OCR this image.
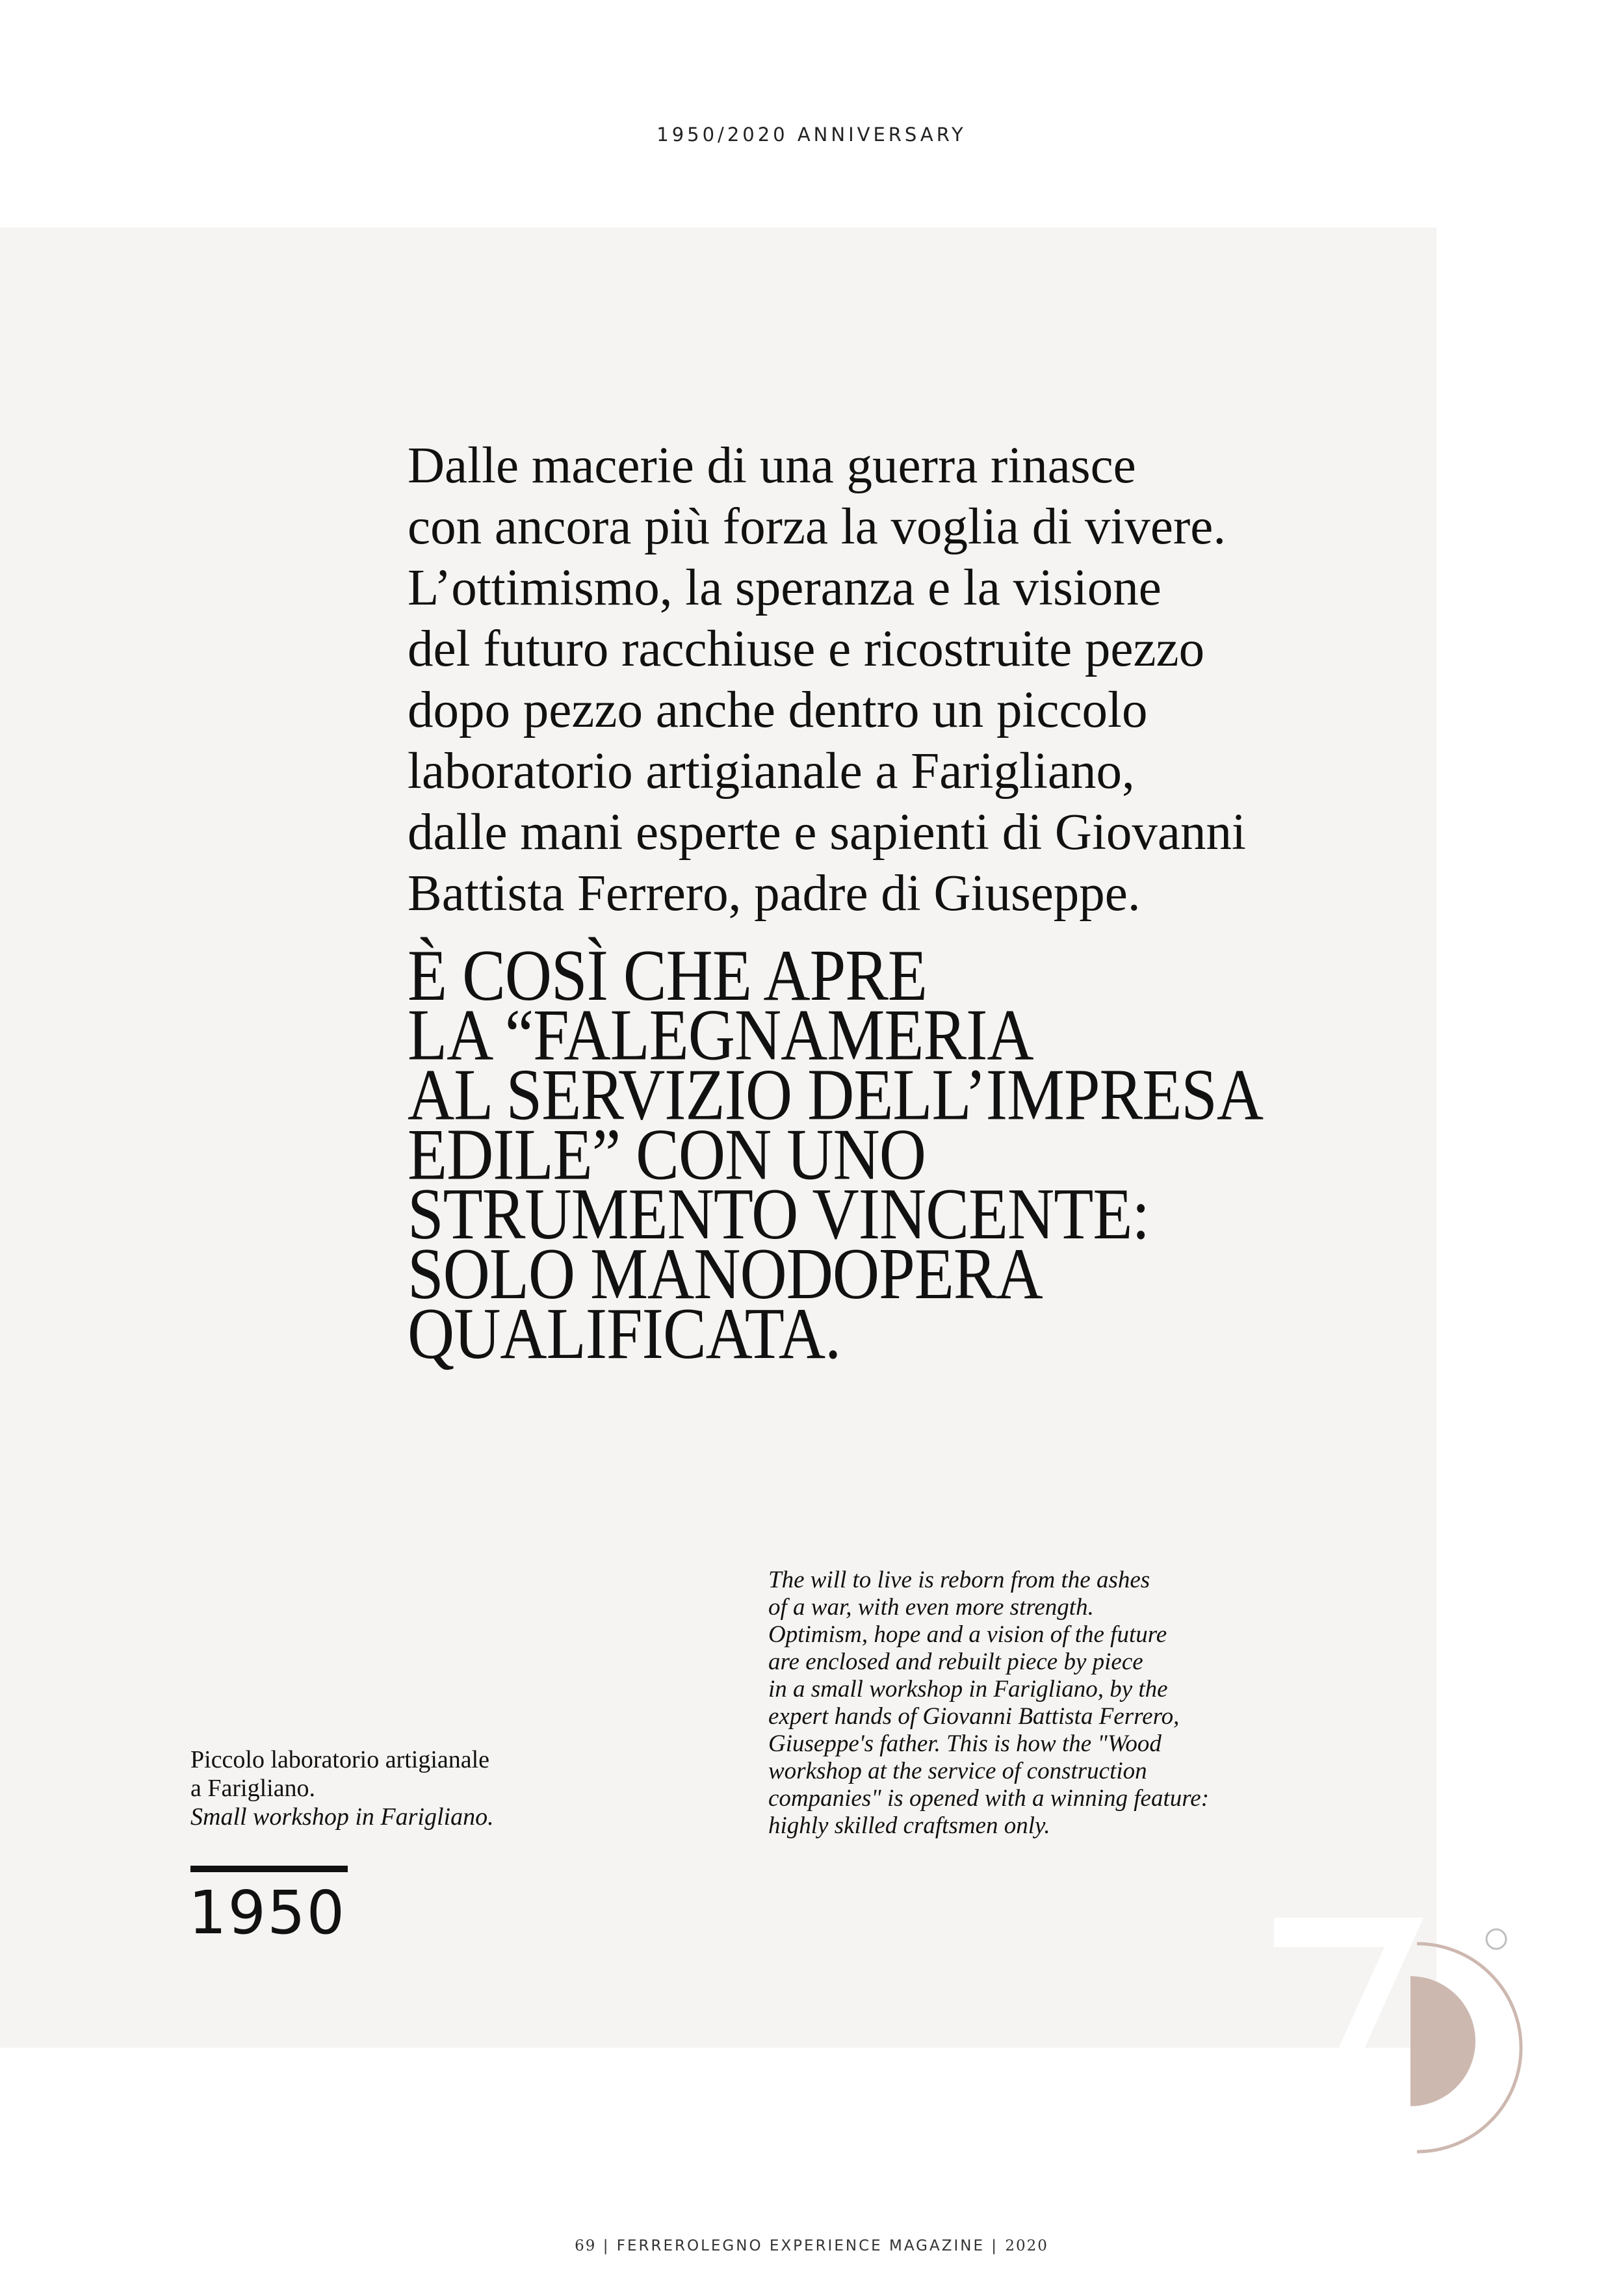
1950/2020 ANNIVERSARY
Dalle macerie di una guerra rinasce
con ancora più forza la voglia di vivere.
L’ottimismo, la speranza e la visione
del futuro racchiuse e ricostruite pezzo
dopo pezzo anche dentro un piccolo
laboratorio artigianale a Farigliano,
dalle mani esperte e sapienti di Giovanni
Battista Ferrero, padre di Giuseppe.
È COSÌ CHE APRE
LA “FALEGNAMERIA
AL SERVIZIO DELL’IMPRESA
EDILE” CON UNO
STRUMENTO VINCENTE:
SOLO MANODOPERA
QUALIFICATA.
The will to live is reborn from the ashes
of a war, with even more strength.
Optimism, hope and a vision of the future
are enclosed and rebuilt piece by piece
in a small workshop in Farigliano, by the
expert hands of Giovanni Battista Ferrero,
Giuseppe's father. This is how the "Wood
workshop at the service of construction
companies" is opened with a winning feature:
highly skilled craftsmen only.
Piccolo laboratorio artigianale
a Farigliano.
Small workshop in Farigliano.
1950
69 | FERREROLEGNO EXPERIENCE MAGAZINE | 2020
